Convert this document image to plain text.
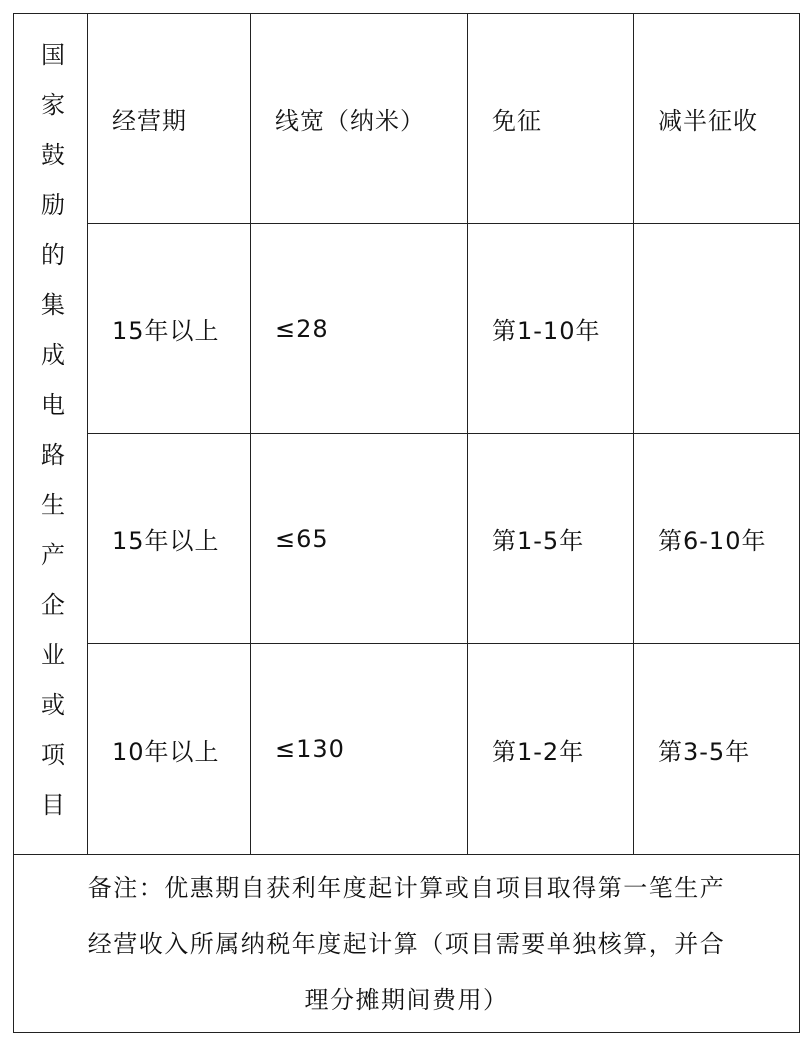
国家鼓励的集成电路生产企业或项目	经营期	线宽（纳米）	免征	减半征收
	15年以上	≤28	第1-10年	
	15年以上	≤65	第1-5年	第6-10年
	10年以上	≤130	第1-2年	第3-5年
备注：优惠期自获利年度起计算或自项目取得第一笔生产
经营收入所属纳税年度起计算（项目需要单独核算，并合
理分摊期间费用）				
